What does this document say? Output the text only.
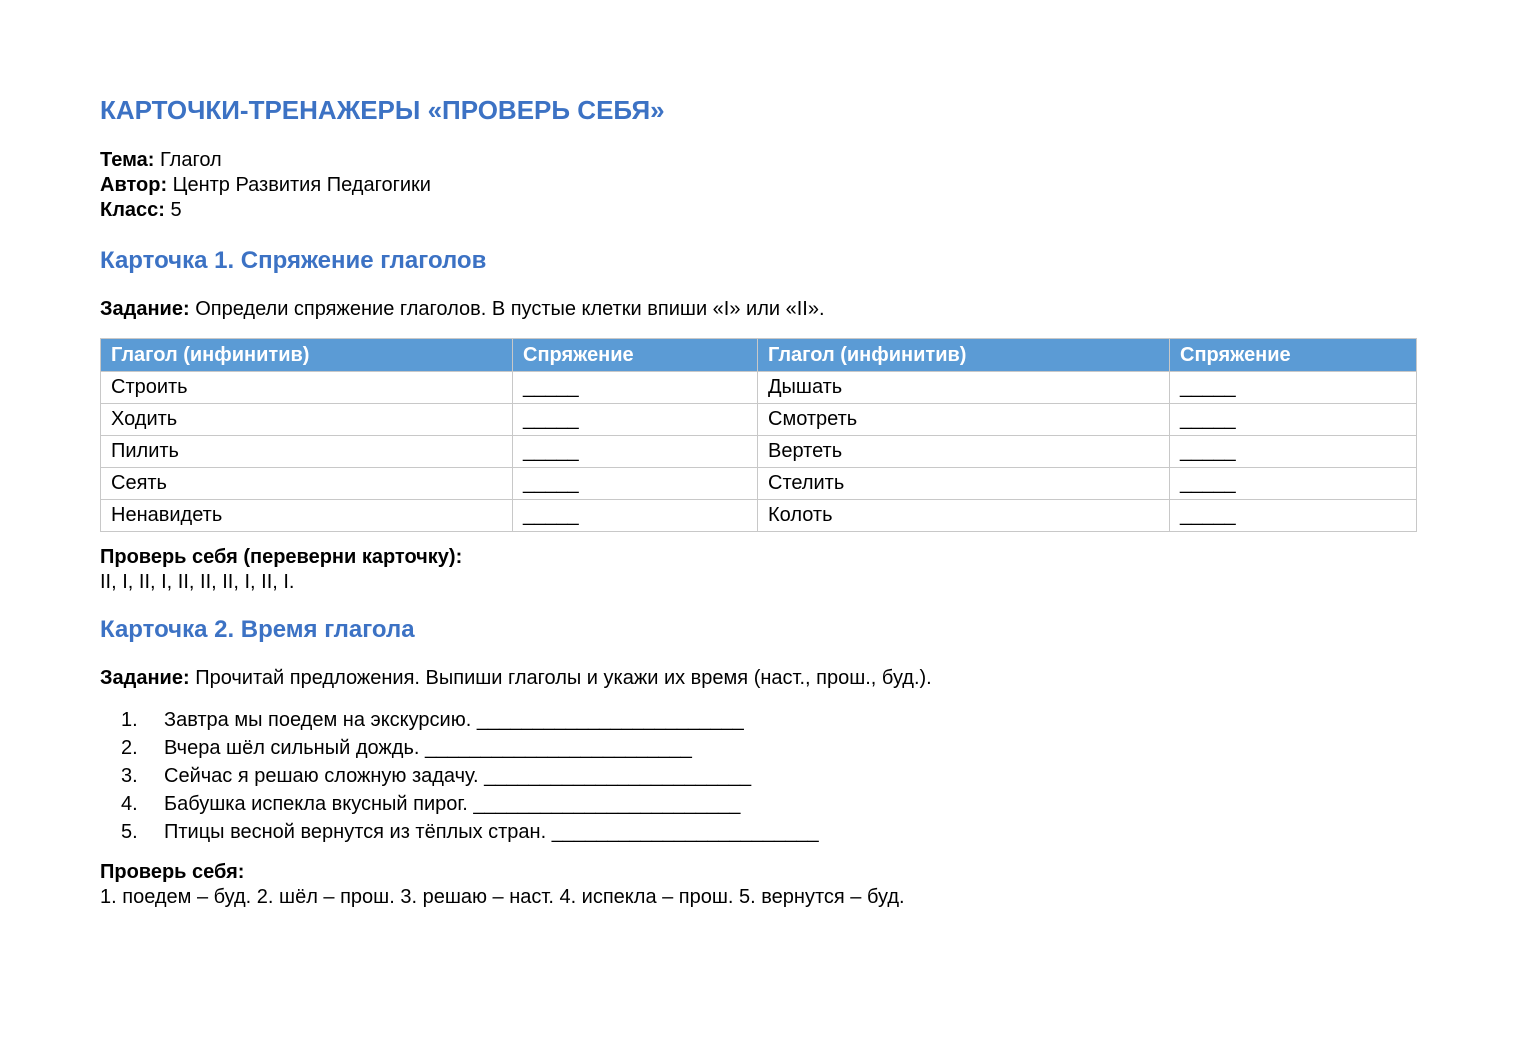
КАРТОЧКИ-ТРЕНАЖЕРЫ «ПРОВЕРЬ СЕБЯ»
Тема: Глагол
Автор: Центр Развития Педагогики
Класс: 5
Карточка 1. Спряжение глаголов
Задание: Определи спряжение глаголов. В пустые клетки впиши «I» или «II».
Глагол (инфинитив)	Спряжение	Глагол (инфинитив)	Спряжение
Строить	_____	Дышать	_____
Ходить	_____	Смотреть	_____
Пилить	_____	Вертеть	_____
Сеять	_____	Стелить	_____
Ненавидеть	_____	Колоть	_____
Проверь себя (переверни карточку):
II, I, II, I, II, II, II, I, II, I.
Карточка 2. Время глагола
Задание: Прочитай предложения. Выпиши глаголы и укажи их время (наст., прош., буд.).
1. Завтра мы поедем на экскурсию. ________________________
2. Вчера шёл сильный дождь. ________________________
3. Сейчас я решаю сложную задачу. ________________________
4. Бабушка испекла вкусный пирог. ________________________
5. Птицы весной вернутся из тёплых стран. ________________________
Проверь себя:
1. поедем – буд. 2. шёл – прош. 3. решаю – наст. 4. испекла – прош. 5. вернутся – буд.
